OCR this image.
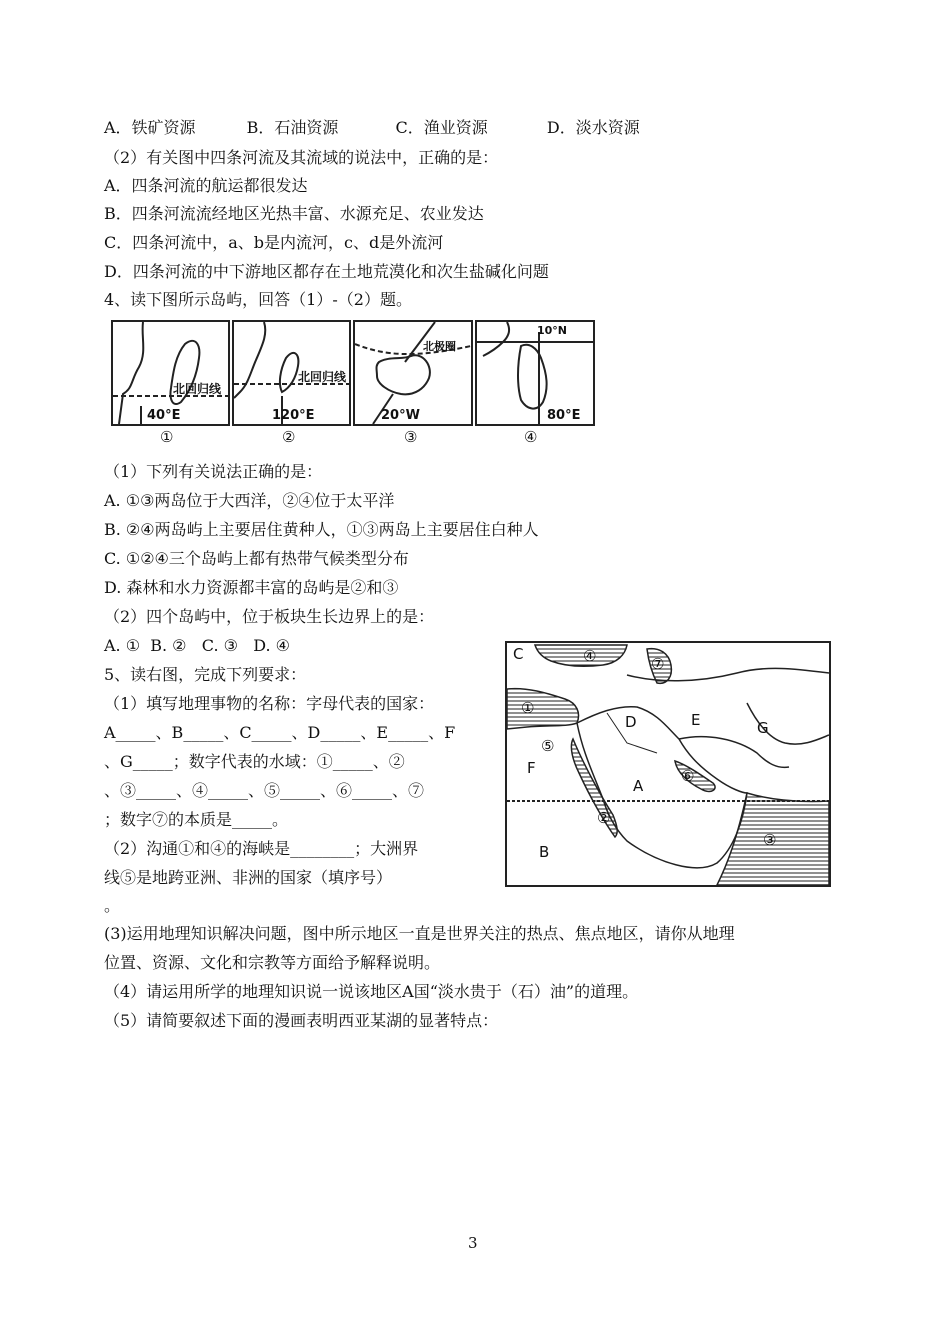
A．铁矿资源	B．石油资源	C．渔业资源	D．淡水资源
（2）有关图中四条河流及其流域的说法中，正确的是：
A．四条河流的航运都很发达
B．四条河流流经地区光热丰富、水源充足、农业发达
C．四条河流中，a、b是内流河，c、d是外流河
D．四条河流的中下游地区都存在土地荒漠化和次生盐碱化问题
4、读下图所示岛屿，回答（1）-（2）题。
北回归线
40°E
①
北回归线
120°E
②
北极圈
20°W
③
10°N
80°E
④
（1）下列有关说法正确的是：
A. ①③两岛位于大西洋，②④位于太平洋
B. ②④两岛屿上主要居住黄种人，①③两岛上主要居住白种人
C. ①②④三个岛屿上都有热带气候类型分布
D. 森林和水力资源都丰富的岛屿是②和③
（2）四个岛屿中，位于板块生长边界上的是：
A. ①  B. ②   C. ③   D. ④
5、读右图，完成下列要求：
（1）填写地理事物的名称：字母代表的国家：
A_____、B_____、C_____、D_____、E_____、F
、G_____；数字代表的水域：①_____、②
、③_____、④_____、⑤_____、⑥_____、⑦
；数字⑦的本质是_____。
（2）沟通①和④的海峡是________；大洲界
线⑤是地跨亚洲、非洲的国家（填序号）
。
(3)运用地理知识解决问题，图中所示地区一直是世界关注的热点、焦点地区，请你从地理
位置、资源、文化和宗教等方面给予解释说明。
（4）请运用所学的地理知识说一说该地区A国“淡水贵于（石）油”的道理。
（5）请简要叙述下面的漫画表明西亚某湖的显著特点：
C	④	⑦
①
D	E	G
⑤
F	⑥
A
②
③
B
3
